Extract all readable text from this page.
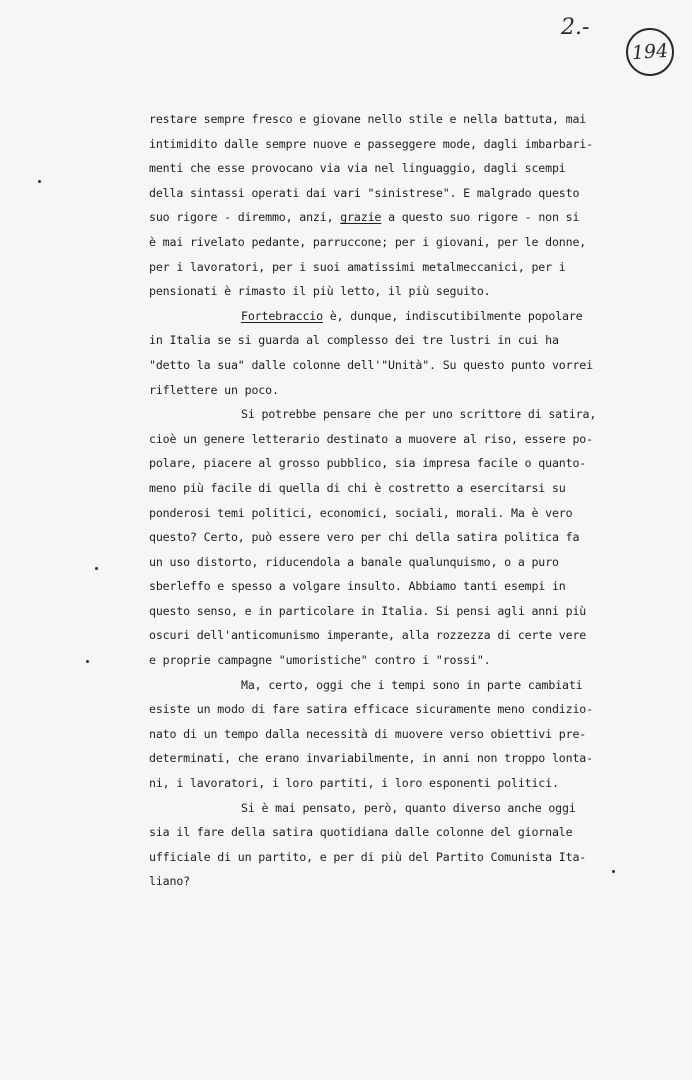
2.-
194
restare sempre fresco e giovane nello stile e nella battuta, mai
intimidito dalle sempre nuove e passeggere mode, dagli imbarbari-
menti che esse provocano via via nel linguaggio, dagli scempi
della sintassi operati dai vari "sinistrese". E malgrado questo
suo rigore - diremmo, anzi, grazie a questo suo rigore - non si
è mai rivelato pedante, parruccone; per i giovani, per le donne,
per i lavoratori, per i suoi amatissimi metalmeccanici, per i
pensionati è rimasto il più letto, il più seguito.
Fortebraccio è, dunque, indiscutibilmente popolare
in Italia se si guarda al complesso dei tre lustri in cui ha
"detto la sua" dalle colonne dell'"Unità". Su questo punto vorrei
riflettere un poco.
Si potrebbe pensare che per uno scrittore di satira,
cioè un genere letterario destinato a muovere al riso, essere po-
polare, piacere al grosso pubblico, sia impresa facile o quanto-
meno più facile di quella di chi è costretto a esercitarsi su
ponderosi temi politici, economici, sociali, morali. Ma è vero
questo? Certo, può essere vero per chi della satira politica fa
un uso distorto, riducendola a banale qualunquismo, o a puro
sberleffo e spesso a volgare insulto. Abbiamo tanti esempi in
questo senso, e in particolare in Italia. Si pensi agli anni più
oscuri dell'anticomunismo imperante, alla rozzezza di certe vere
e proprie campagne "umoristiche" contro i "rossi".
Ma, certo, oggi che i tempi sono in parte cambiati
esiste un modo di fare satira efficace sicuramente meno condizio-
nato di un tempo dalla necessità di muovere verso obiettivi pre-
determinati, che erano invariabilmente, in anni non troppo lonta-
ni, i lavoratori, i loro partiti, i loro esponenti politici.
Si è mai pensato, però, quanto diverso anche oggi
sia il fare della satira quotidiana dalle colonne del giornale
ufficiale di un partito, e per di più del Partito Comunista Ita-
liano?
